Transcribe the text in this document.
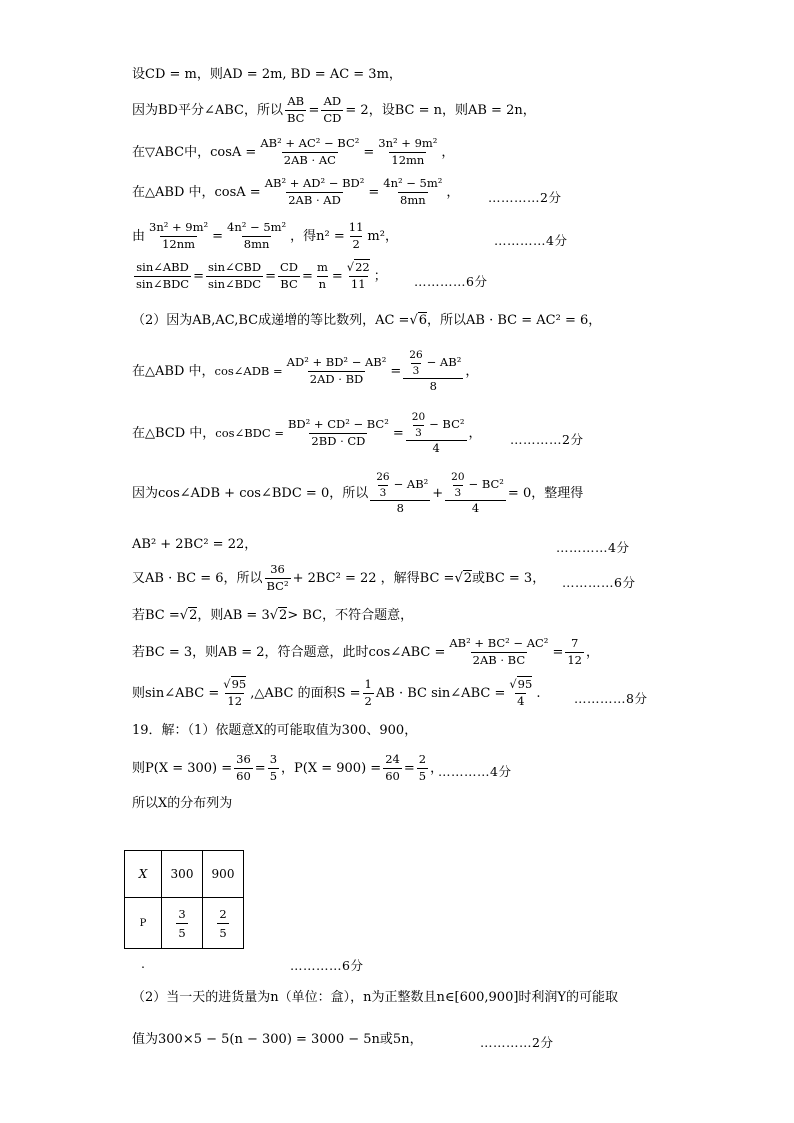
设CD = m，则AD = 2m, BD = AC = 3m，
因为BD平分∠ABC，所以 $\frac{AB}{BC} = \frac{AD}{CD} = 2$，设BC = n，则AB = 2n，
在▽ABC中，$\cos A = \frac{\text{AB² + AC² − BC²}}{2AB \cdot AC} = \frac{\text{3n² + 9m²}}{12mn}$ ，
在△ABD 中，$\cos A = \frac{\text{AB² + AD² − BD²}}{2AB \cdot AD} = \frac{\text{4n² − 5m²}}{8mn}$ ， …………2分
由 $\frac{\text{3n² + 9m²}}{12nm} = \frac{\text{4n² − 5m²}}{8mn}$ ，得$n^2 = \frac{11}{2} m^2$，	…………4分
sin∠ABD
sin∠BDC =
sin∠CBD
sin∠BDC = $\frac{CD}{BC} = \frac{m}{n} = \frac{√22}{11}$ ； …………6分
（2）因为AB,AC,BC成递增的等比数列，AC = √6 ，所以AB · BC = AC² = 6，
在△ABD 中， cos∠ADB = $\frac{\text{AD² + BD² − AB²}}{2AD \cdot BD} = 26$
3
− AB²
8 ，
在△BCD 中， cos∠BDC = $\frac{\text{BD² + CD² − BC²}}{2BD \cdot CD} = 20$
3
− BC²
4 ， …………2分
因为cos∠ADB + cos∠BDC = 0，所以
26
3
− AB²
8
+ 20
3
− BC²
4 = 0，整理得
AB² + 2BC² = 22，	…………4分
又AB · BC = 6，所以
36
BC² + 2BC² = 22 ，解得BC = √2 或BC = 3， …………6分
若BC = √2 ，则AB = 3 √2 > BC，不符合题意，
若BC = 3，则AB = 2，符合题意，此时cos∠ABC = $\frac{\text{AB² + BC² − AC²}}{2AB \cdot BC} = \frac{7}{12}$ ，
则sin∠ABC = $\frac{√95}{12}$ ,△ABC 的面积$S = \frac{1}{2}$ AB · BC sin∠ABC = $\frac{√95}{4}$ .	…………8分
19．解：（1）依题意X的可能取值为300、900，
则$P(X = 300) = \frac{36}{60} = \frac{3}{5}$ ，$P(X = 900) = \frac{24}{60} = \frac{2}{5}$ ，
…………4分
所以X的分布列为
X	300	900
P	$\frac{3}{5}$	$\frac{2}{5}$
.	…………6分
（2）当一天的进货量为n（单位：盒），n为正整数且n∈[600,900]时利润Y的可能取
值为300×5 − 5(n − 300) = 3000 − 5n或5n，	…………2分
